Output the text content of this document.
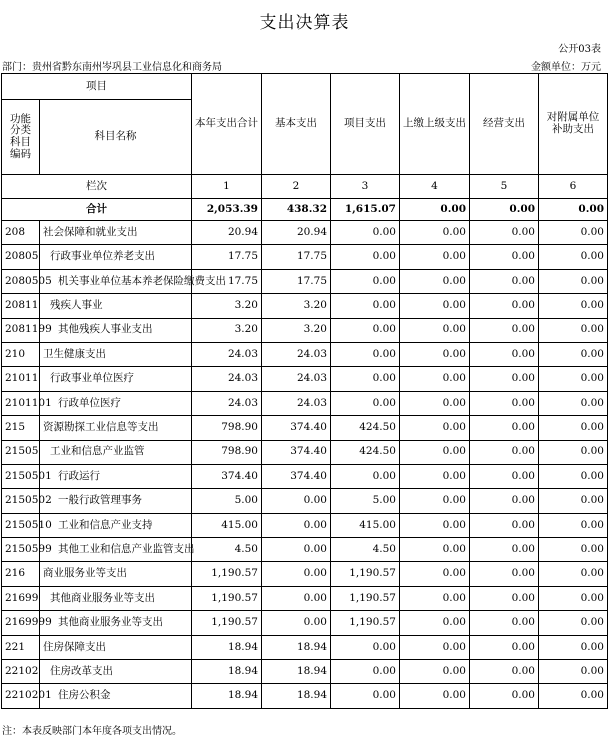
支出决算表
公开03表
部门：贵州省黔东南州岑巩县工业信息化和商务局	金额单位：万元
项目		本年支出合计	基本支出	项目支出	上缴上级支出	经营支出	对附属单位补助支出
功能分类科目编码	科目名称						
栏次		1	2	3	4	5	6
合计		2,053.39	438.32	1,615.07	0.00	0.00	0.00
208	社会保障和就业支出	20.94	20.94	0.00	0.00	0.00	0.00
20805	行政事业单位养老支出	17.75	17.75	0.00	0.00	0.00	0.00
2080505	机关事业单位基本养老保险缴费支出	17.75	17.75	0.00	0.00	0.00	0.00
20811	残疾人事业	3.20	3.20	0.00	0.00	0.00	0.00
2081199	其他残疾人事业支出	3.20	3.20	0.00	0.00	0.00	0.00
210	卫生健康支出	24.03	24.03	0.00	0.00	0.00	0.00
21011	行政事业单位医疗	24.03	24.03	0.00	0.00	0.00	0.00
2101101	行政单位医疗	24.03	24.03	0.00	0.00	0.00	0.00
215	资源勘探工业信息等支出	798.90	374.40	424.50	0.00	0.00	0.00
21505	工业和信息产业监管	798.90	374.40	424.50	0.00	0.00	0.00
2150501	行政运行	374.40	374.40	0.00	0.00	0.00	0.00
2150502	一般行政管理事务	5.00	0.00	5.00	0.00	0.00	0.00
2150510	工业和信息产业支持	415.00	0.00	415.00	0.00	0.00	0.00
2150599	其他工业和信息产业监管支出	4.50	0.00	4.50	0.00	0.00	0.00
216	商业服务业等支出	1,190.57	0.00	1,190.57	0.00	0.00	0.00
21699	其他商业服务业等支出	1,190.57	0.00	1,190.57	0.00	0.00	0.00
2169999	其他商业服务业等支出	1,190.57	0.00	1,190.57	0.00	0.00	0.00
221	住房保障支出	18.94	18.94	0.00	0.00	0.00	0.00
22102	住房改革支出	18.94	18.94	0.00	0.00	0.00	0.00
2210201	住房公积金	18.94	18.94	0.00	0.00	0.00	0.00
注：本表反映部门本年度各项支出情况。
